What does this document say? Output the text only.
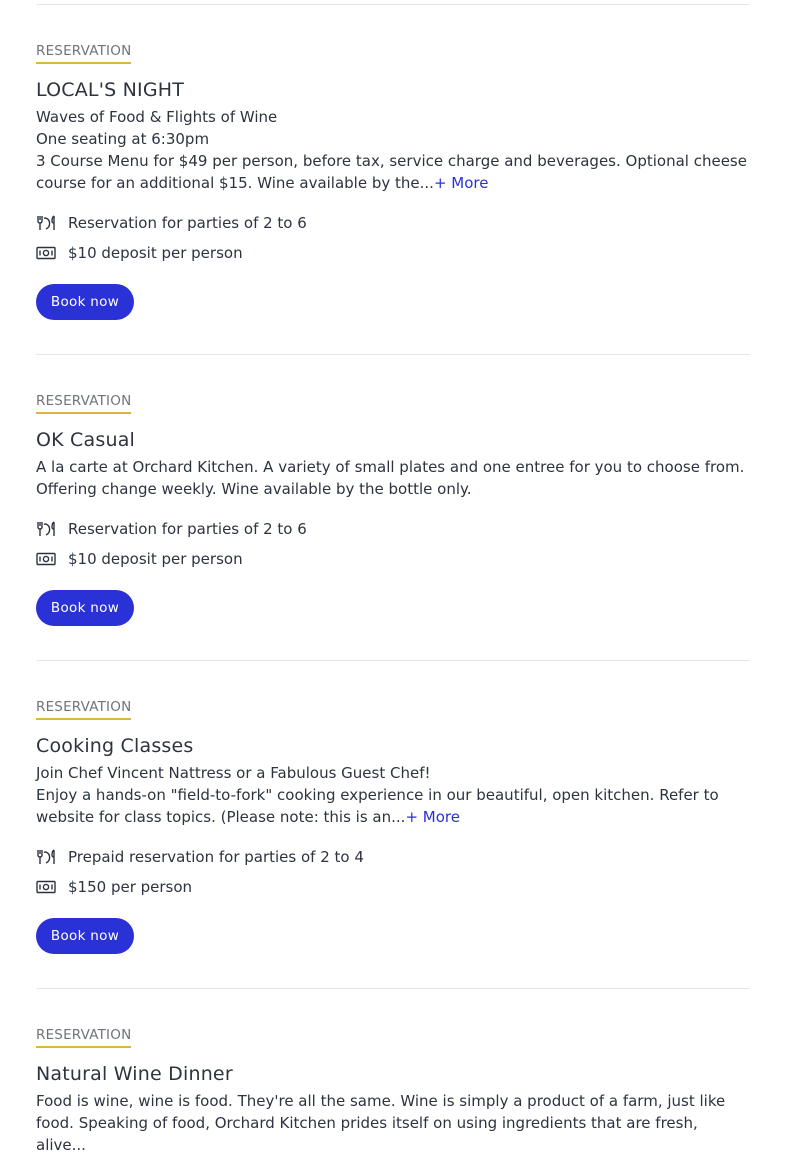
RESERVATION
LOCAL'S NIGHT
Waves of Food & Flights of Wine
One seating at 6:30pm
3 Course Menu for $49 per person, before tax, service charge and beverages. Optional cheese course for an additional $15. Wine available by the...+ More
Reservation for parties of 2 to 6
$10 deposit per person
Book now
RESERVATION
OK Casual
A la carte at Orchard Kitchen. A variety of small plates and one entree for you to choose from. Offering change weekly. Wine available by the bottle only.
Reservation for parties of 2 to 6
$10 deposit per person
Book now
RESERVATION
Cooking Classes
Join Chef Vincent Nattress or a Fabulous Guest Chef!
Enjoy a hands-on "field-to-fork" cooking experience in our beautiful, open kitchen. Refer to website for class topics. (Please note: this is an...+ More
Prepaid reservation for parties of 2 to 4
$150 per person
Book now
RESERVATION
Natural Wine Dinner
Food is wine, wine is food. They're all the same. Wine is simply a product of a farm, just like food. Speaking of food, Orchard Kitchen prides itself on using ingredients that are fresh, alive...
